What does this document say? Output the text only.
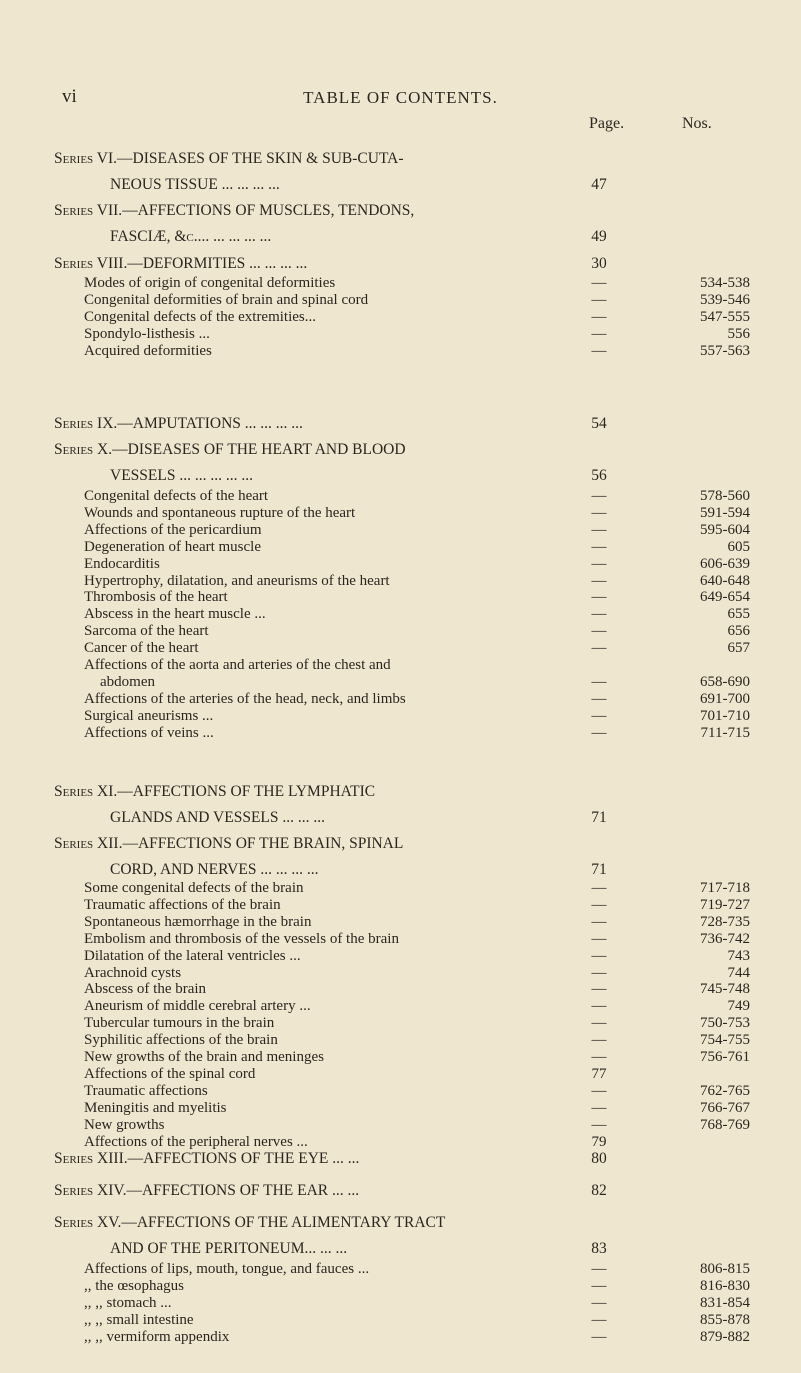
vi	TABLE OF CONTENTS.
Page.	Nos.
Series VI.—DISEASES OF THE SKIN & SUB-CUTA-
NEOUS TISSUE ... ... ... ...	47
Series VII.—AFFECTIONS OF MUSCLES, TENDONS,
FASCIÆ, &c.... ... ... ... ...	49
Series VIII.—DEFORMITIES ... ... ... ...	30
Modes of origin of congenital deformities	—	534-538
Congenital deformities of brain and spinal cord	—	539-546
Congenital defects of the extremities...	—	547-555
Spondylo-listhesis ...	—	556
Acquired deformities	—	557-563
Series IX.—AMPUTATIONS ... ... ... ...	54
Series X.—DISEASES OF THE HEART AND BLOOD
VESSELS ... ... ... ... ...	56
Congenital defects of the heart	—	578-560
Wounds and spontaneous rupture of the heart	—	591-594
Affections of the pericardium	—	595-604
Degeneration of heart muscle	—	605
Endocarditis	—	606-639
Hypertrophy, dilatation, and aneurisms of the heart	—	640-648
Thrombosis of the heart	—	649-654
Abscess in the heart muscle ...	—	655
Sarcoma of the heart	—	656
Cancer of the heart	—	657
Affections of the aorta and arteries of the chest and
abdomen	—	658-690
Affections of the arteries of the head, neck, and limbs	—	691-700
Surgical aneurisms ...	—	701-710
Affections of veins ...	—	711-715
Series XI.—AFFECTIONS OF THE LYMPHATIC
GLANDS AND VESSELS ... ... ...	71
Series XII.—AFFECTIONS OF THE BRAIN, SPINAL
CORD, AND NERVES ... ... ... ...	71
Some congenital defects of the brain	—	717-718
Traumatic affections of the brain	—	719-727
Spontaneous hæmorrhage in the brain	—	728-735
Embolism and thrombosis of the vessels of the brain	—	736-742
Dilatation of the lateral ventricles ...	—	743
Arachnoid cysts	—	744
Abscess of the brain	—	745-748
Aneurism of middle cerebral artery ...	—	749
Tubercular tumours in the brain	—	750-753
Syphilitic affections of the brain	—	754-755
New growths of the brain and meninges	—	756-761
Affections of the spinal cord	77
Traumatic affections	—	762-765
Meningitis and myelitis	—	766-767
New growths	—	768-769
Affections of the peripheral nerves ...	79
Series XIII.—AFFECTIONS OF THE EYE ... ...	80
Series XIV.—AFFECTIONS OF THE EAR ... ...	82
Series XV.—AFFECTIONS OF THE ALIMENTARY TRACT
AND OF THE PERITONEUM... ... ...	83
Affections of lips, mouth, tongue, and fauces ...	—	806-815
,, the œsophagus	—	816-830
,, ,, stomach ...	—	831-854
,, ,, small intestine	—	855-878
,, ,, vermiform appendix	—	879-882
